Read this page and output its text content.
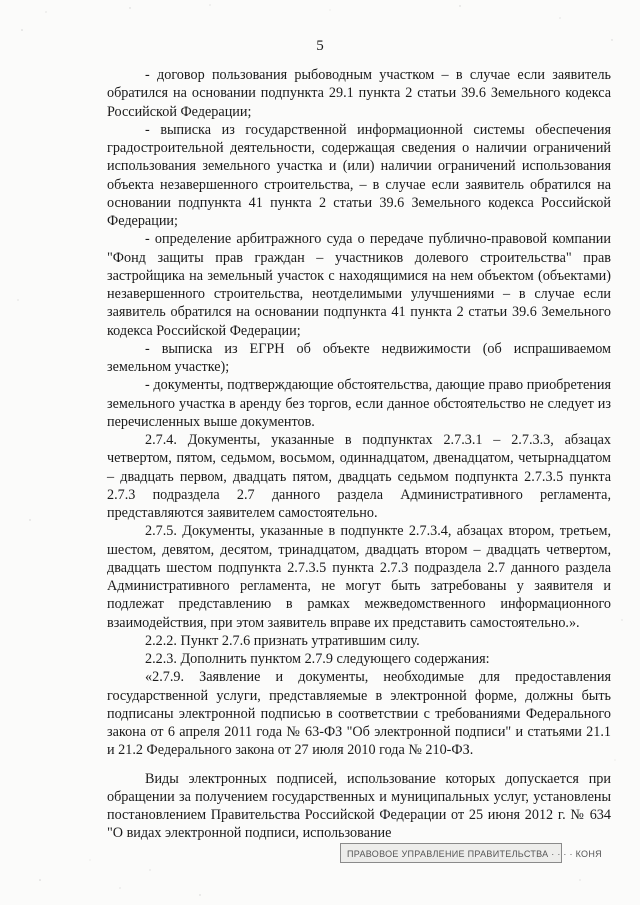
5

- договор пользования рыбоводным участком – в случае если заявитель обратился на основании подпункта 29.1 пункта 2 статьи 39.6 Земельного кодекса Российской Федерации;

- выписка из государственной информационной системы обеспечения градостроительной деятельности, содержащая сведения о наличии ограничений использования земельного участка и (или) наличии ограничений использования объекта незавершенного строительства, – в случае если заявитель обратился на основании подпункта 41 пункта 2 статьи 39.6 Земельного кодекса Российской Федерации;

- определение арбитражного суда о передаче публично-правовой компании "Фонд защиты прав граждан – участников долевого строительства" прав застройщика на земельный участок с находящимися на нем объектом (объектами) незавершенного строительства, неотделимыми улучшениями – в случае если заявитель обратился на основании подпункта 41 пункта 2 статьи 39.6 Земельного кодекса Российской Федерации;

- выписка из ЕГРН об объекте недвижимости (об испрашиваемом земельном участке);

- документы, подтверждающие обстоятельства, дающие право приобретения земельного участка в аренду без торгов, если данное обстоятельство не следует из перечисленных выше документов.

2.7.4. Документы, указанные в подпунктах 2.7.3.1 – 2.7.3.3, абзацах четвертом, пятом, седьмом, восьмом, одиннадцатом, двенадцатом, четырнадцатом – двадцать первом, двадцать пятом, двадцать седьмом подпункта 2.7.3.5 пункта 2.7.3 подраздела 2.7 данного раздела Административного регламента, представляются заявителем самостоятельно.

2.7.5. Документы, указанные в подпункте 2.7.3.4, абзацах втором, третьем, шестом, девятом, десятом, тринадцатом, двадцать втором – двадцать четвертом, двадцать шестом подпункта 2.7.3.5 пункта 2.7.3 подраздела 2.7 данного раздела Административного регламента, не могут быть затребованы у заявителя и подлежат представлению в рамках межведомственного информационного взаимодействия, при этом заявитель вправе их представить самостоятельно.».

2.2.2. Пункт 2.7.6 признать утратившим силу.

2.2.3. Дополнить пунктом 2.7.9 следующего содержания:

«2.7.9. Заявление и документы, необходимые для предоставления государственной услуги, представляемые в электронной форме, должны быть подписаны электронной подписью в соответствии с требованиями Федерального закона от 6 апреля 2011 года № 63-ФЗ "Об электронной подписи" и статьями 21.1 и 21.2 Федерального закона от 27 июля 2010 года № 210-ФЗ.

Виды электронных подписей, использование которых допускается при обращении за получением государственных и муниципальных услуг, установлены постановлением Правительства Российской Федерации от 25 июня 2012 г. № 634 "О видах электронной подписи, использование

ПРАВОВОЕ УПРАВЛЕНИЕ ПРАВИТЕЛЬСТВА · · · · КОНЯ
